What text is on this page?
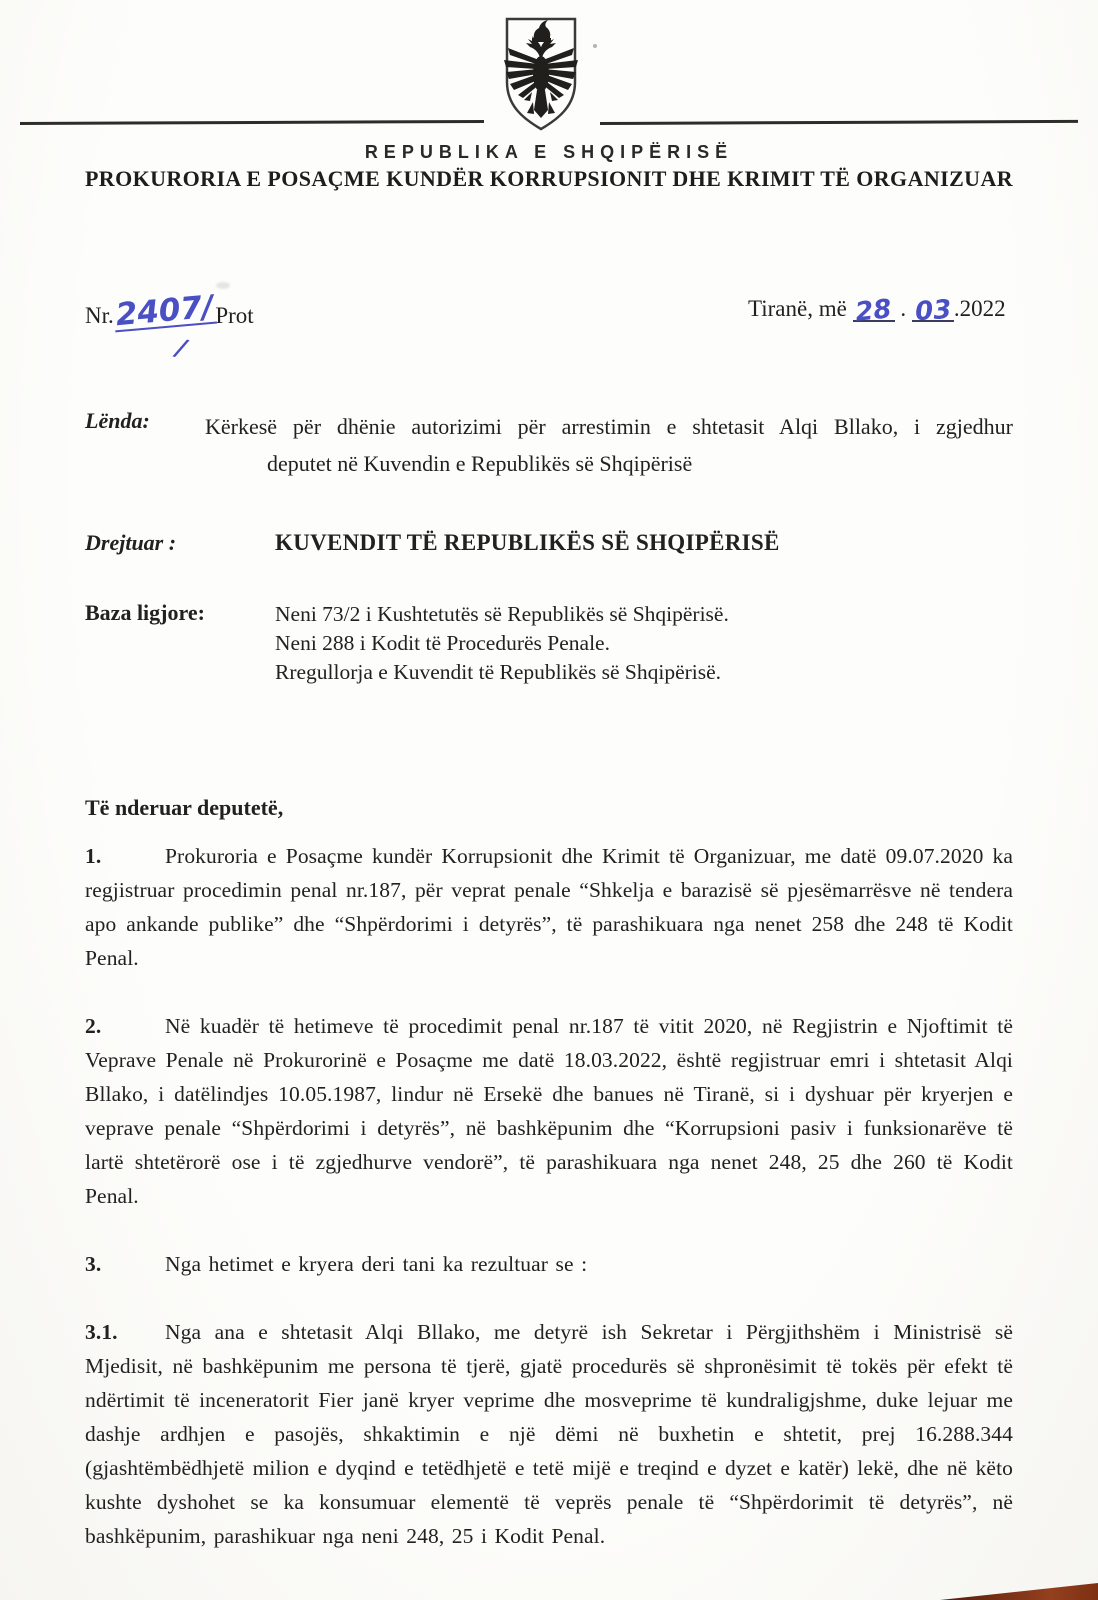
REPUBLIKA E SHQIPËRISË
PROKURORIA E POSAÇME KUNDËR KORRUPSIONIT DHE KRIMIT TË ORGANIZUAR
Nr.2407/Prot
/
Tiranë, më 28 . 03.2022
Lënda:	Kërkesë për dhënie autorizimi për arrestimin e shtetasit Alqi Bllako, i zgjedhur
deputet në Kuvendin e Republikës së Shqipërisë
Drejtuar :	KUVENDIT TË REPUBLIKËS SË SHQIPËRISË
Baza ligjore:	Neni 73/2 i Kushtetutës së Republikës së Shqipërisë.
Neni 288 i Kodit të Procedurës Penale.
Rregullorja e Kuvendit të Republikës së Shqipërisë.
Të nderuar deputetë,

1.	Prokuroria e Posaçme kundër Korrupsionit dhe Krimit të Organizuar, me datë 09.07.2020 ka regjistruar procedimin penal nr.187, për veprat penale “Shkelja e barazisë së pjesëmarrësve në tendera apo ankande publike” dhe “Shpërdorimi i detyrës”, të parashikuara nga nenet 258 dhe 248 të Kodit Penal.

2.	Në kuadër të hetimeve të procedimit penal nr.187 të vitit 2020, në Regjistrin e Njoftimit të Veprave Penale në Prokurorinë e Posaçme me datë 18.03.2022, është regjistruar emri i shtetasit Alqi Bllako, i datëlindjes 10.05.1987, lindur në Ersekë dhe banues në Tiranë, si i dyshuar për kryerjen e veprave penale “Shpërdorimi i detyrës”, në bashkëpunim dhe “Korrupsioni pasiv i funksionarëve të lartë shtetërorë ose i të zgjedhurve vendorë”, të parashikuara nga nenet 248, 25 dhe 260 të Kodit Penal.

3.	Nga hetimet e kryera deri tani ka rezultuar se :

3.1. Nga ana e shtetasit Alqi Bllako, me detyrë ish Sekretar i Përgjithshëm i Ministrisë së Mjedisit, në bashkëpunim me persona të tjerë, gjatë procedurës së shpronësimit të tokës për efekt të ndërtimit të inceneratorit Fier janë kryer veprime dhe mosveprime të kundraligjshme, duke lejuar me dashje ardhjen e pasojës, shkaktimin e një dëmi në buxhetin e shtetit, prej 16.288.344 (gjashtëmbëdhjetë milion e dyqind e tetëdhjetë e tetë mijë e treqind e dyzet e katër) lekë, dhe në këto kushte dyshohet se ka konsumuar elementë të veprës penale të “Shpërdorimit të detyrës”, në bashkëpunim, parashikuar nga neni 248, 25 i Kodit Penal.
